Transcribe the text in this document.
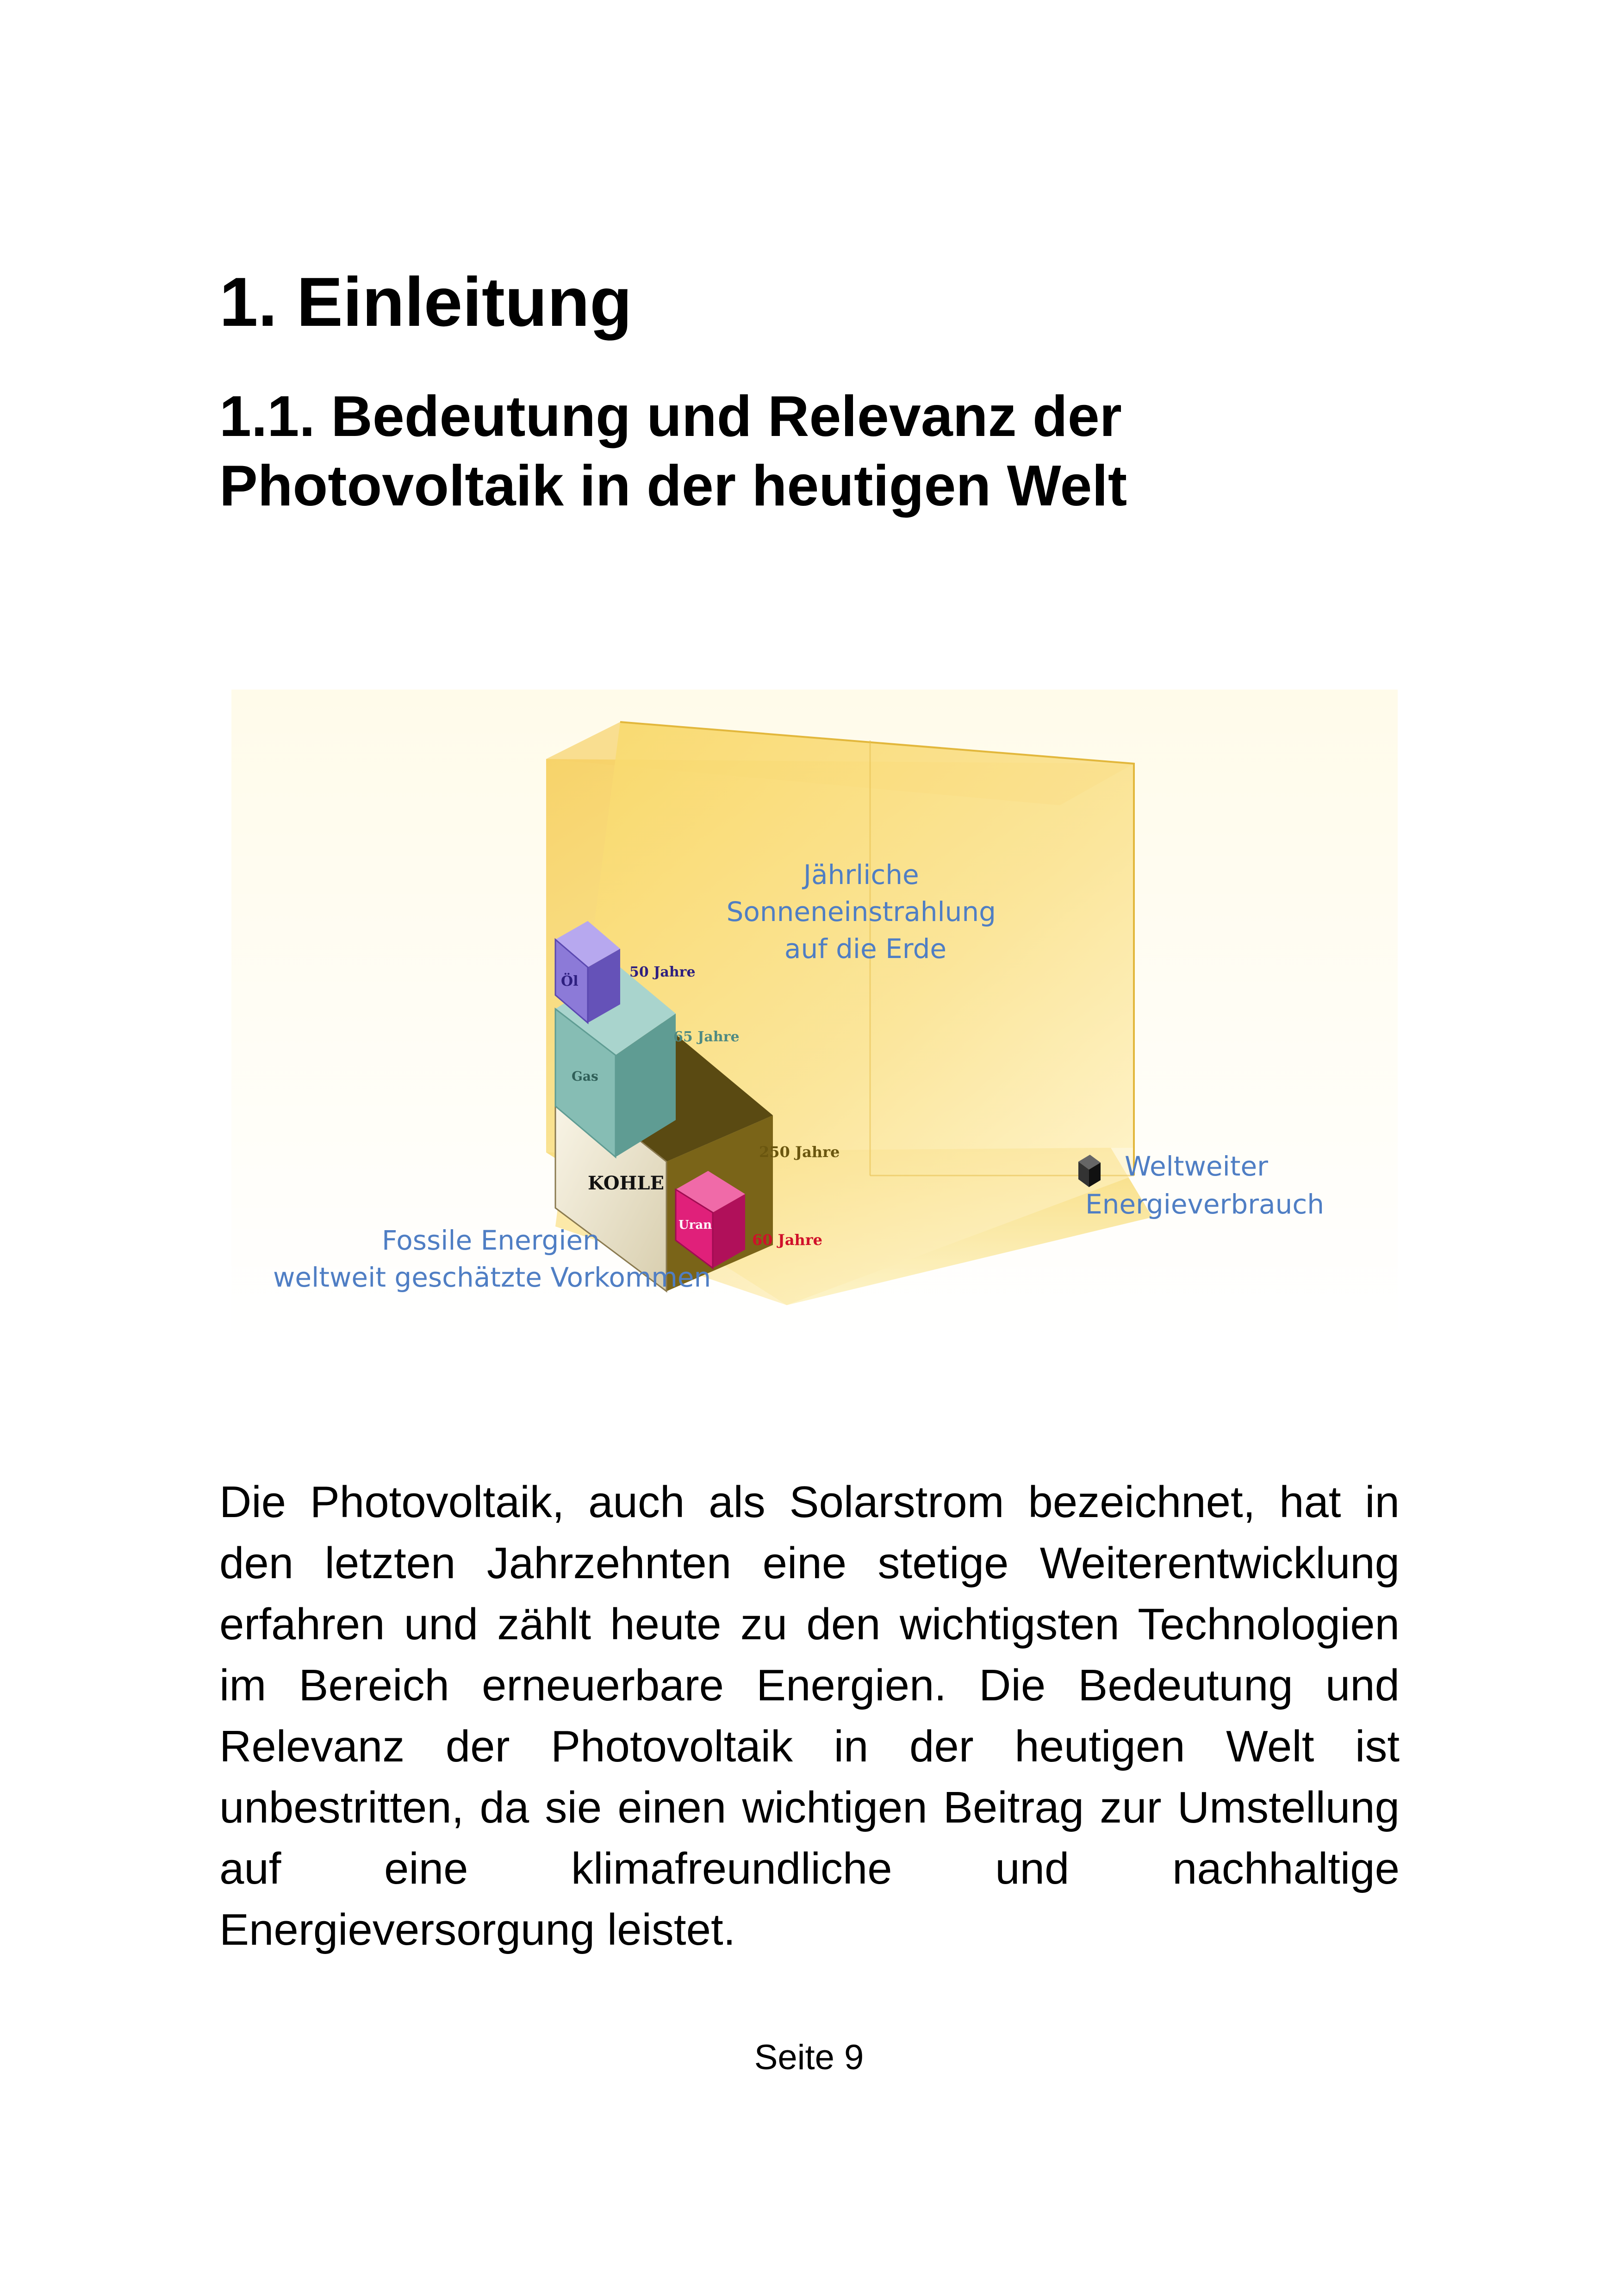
1. Einleitung
1.1. Bedeutung und Relevanz der Photovoltaik in der heutigen Welt
Jährliche Sonneneinstrahlung auf die Erde
KOHLE
Gas
Öl
Uran
50 Jahre
65 Jahre
250 Jahre
60 Jahre
Weltweiter Energieverbrauch
Fossile Energien weltweit geschätzte Vorkommen

Die Photovoltaik, auch als Solarstrom bezeichnet, hat in den letzten Jahrzehnten eine stetige Weiterentwicklung erfahren und zählt heute zu den wichtigsten Technologien im Bereich erneuerbare Energien. Die Bedeutung und Relevanz der Photovoltaik in der heutigen Welt ist unbestritten, da sie einen wichtigen Beitrag zur Umstellung auf eine klimafreundliche und nachhaltige Energieversorgung leistet.

Seite 9
